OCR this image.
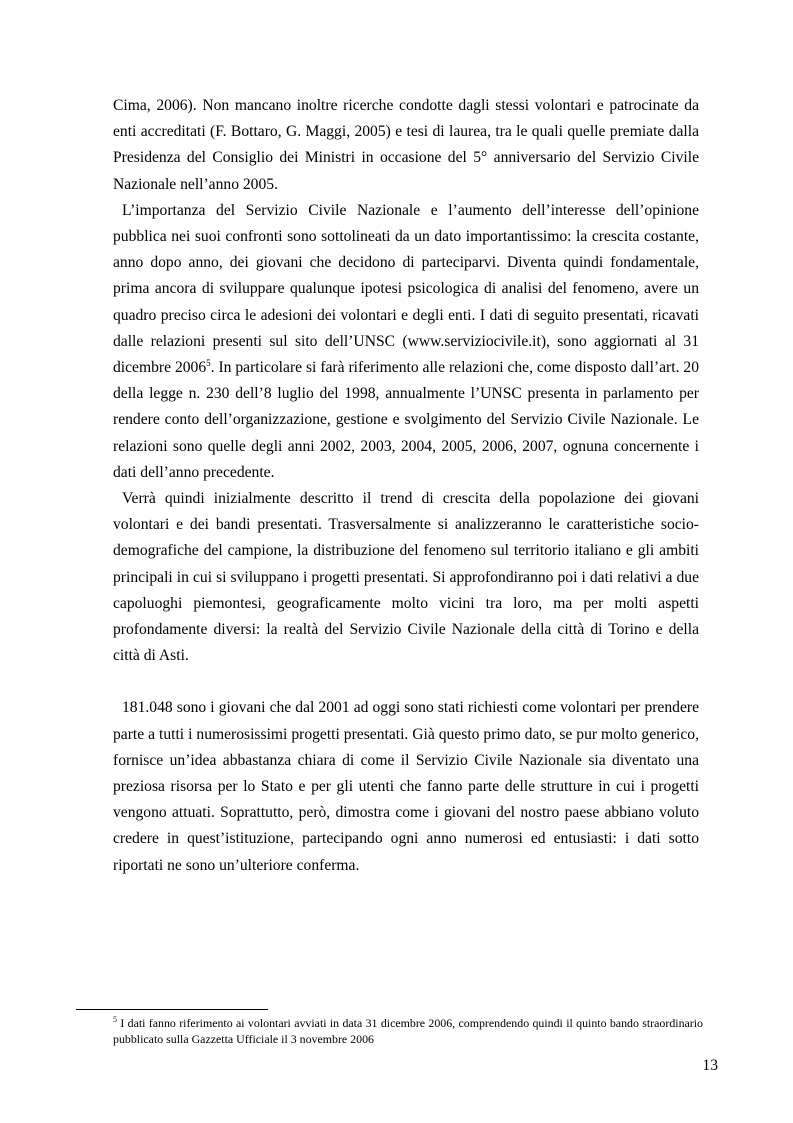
Cima, 2006). Non mancano inoltre ricerche condotte dagli stessi volontari e patrocinate da enti accreditati (F. Bottaro, G. Maggi, 2005) e tesi di laurea, tra le quali quelle premiate dalla Presidenza del Consiglio dei Ministri in occasione del 5° anniversario del Servizio Civile Nazionale nell’anno 2005.

L’importanza del Servizio Civile Nazionale e l’aumento dell’interesse dell’opinione pubblica nei suoi confronti sono sottolineati da un dato importantissimo: la crescita costante, anno dopo anno, dei giovani che decidono di parteciparvi. Diventa quindi fondamentale, prima ancora di sviluppare qualunque ipotesi psicologica di analisi del fenomeno, avere un quadro preciso circa le adesioni dei volontari e degli enti. I dati di seguito presentati, ricavati dalle relazioni presenti sul sito dell’UNSC (www.serviziocivile.it), sono aggiornati al 31 dicembre 2006$^5$. In particolare si farà riferimento alle relazioni che, come disposto dall’art. 20 della legge n. 230 dell’8 luglio del 1998, annualmente l’UNSC presenta in parlamento per rendere conto dell’organizzazione, gestione e svolgimento del Servizio Civile Nazionale. Le relazioni sono quelle degli anni 2002, 2003, 2004, 2005, 2006, 2007, ognuna concernente i dati dell’anno precedente.

Verrà quindi inizialmente descritto il trend di crescita della popolazione dei giovani volontari e dei bandi presentati. Trasversalmente si analizzeranno le caratteristiche socio-demografiche del campione, la distribuzione del fenomeno sul territorio italiano e gli ambiti principali in cui si sviluppano i progetti presentati. Si approfondiranno poi i dati relativi a due capoluoghi piemontesi, geograficamente molto vicini tra loro, ma per molti aspetti profondamente diversi: la realtà del Servizio Civile Nazionale della città di Torino e della città di Asti.

181.048 sono i giovani che dal 2001 ad oggi sono stati richiesti come volontari per prendere parte a tutti i numerosissimi progetti presentati. Già questo primo dato, se pur molto generico, fornisce un’idea abbastanza chiara di come il Servizio Civile Nazionale sia diventato una preziosa risorsa per lo Stato e per gli utenti che fanno parte delle strutture in cui i progetti vengono attuati. Soprattutto, però, dimostra come i giovani del nostro paese abbiano voluto credere in quest’istituzione, partecipando ogni anno numerosi ed entusiasti: i dati sotto riportati ne sono un’ulteriore conferma.

$^5$ I dati fanno riferimento ai volontari avviati in data 31 dicembre 2006, comprendendo quindi il quinto bando straordinario pubblicato sulla Gazzetta Ufficiale il 3 novembre 2006
13
